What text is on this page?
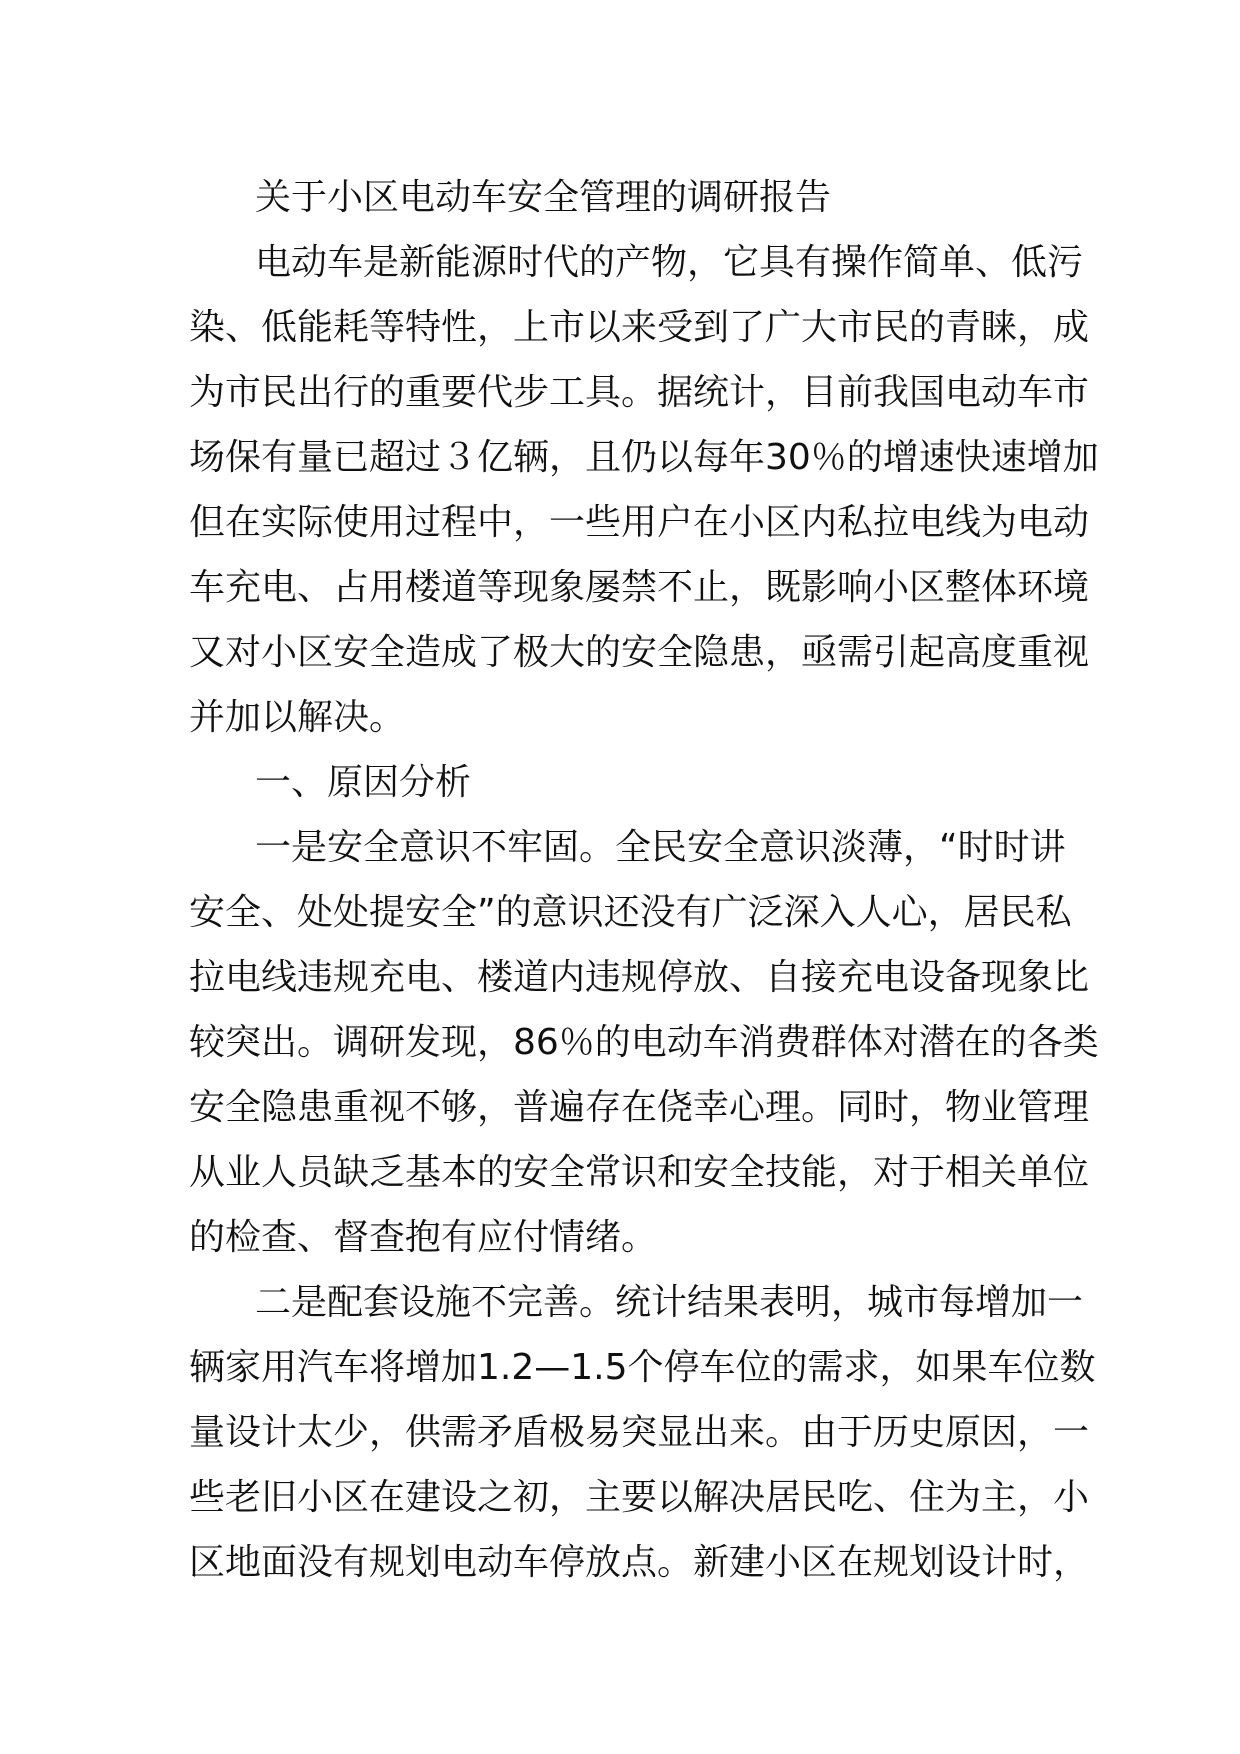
关于小区电动车安全管理的调研报告
电动车是新能源时代的产物，它具有操作简单、低污
染、低能耗等特性，上市以来受到了广大市民的青睐，成
为市民出行的重要代步工具。据统计，目前我国电动车市
场保有量已超过３亿辆，且仍以每年30％的增速快速增加
但在实际使用过程中，一些用户在小区内私拉电线为电动
车充电、占用楼道等现象屡禁不止，既影响小区整体环境
又对小区安全造成了极大的安全隐患，亟需引起高度重视
并加以解决。
一、原因分析
一是安全意识不牢固。全民安全意识淡薄，“时时讲
安全、处处提安全”的意识还没有广泛深入人心，居民私
拉电线违规充电、楼道内违规停放、自接充电设备现象比
较突出。调研发现，86％的电动车消费群体对潜在的各类
安全隐患重视不够，普遍存在侥幸心理。同时，物业管理
从业人员缺乏基本的安全常识和安全技能，对于相关单位
的检查、督查抱有应付情绪。
二是配套设施不完善。统计结果表明，城市每增加一
辆家用汽车将增加1.2—1.5个停车位的需求，如果车位数
量设计太少，供需矛盾极易突显出来。由于历史原因，一
些老旧小区在建设之初，主要以解决居民吃、住为主，小
区地面没有规划电动车停放点。新建小区在规划设计时，
